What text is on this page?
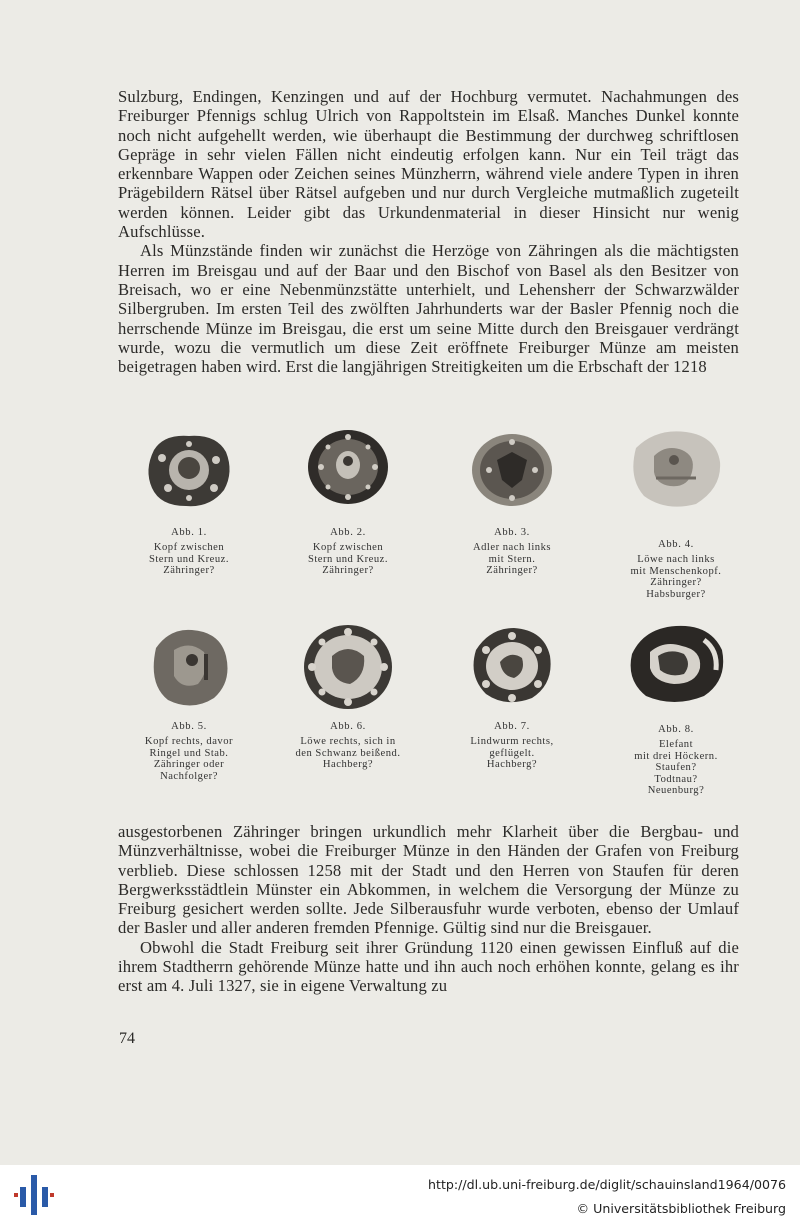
Sulzburg, Endingen, Kenzingen und auf der Hochburg vermutet. Nachahmungen des Freiburger Pfennigs schlug Ulrich von Rappoltstein im Elsaß. Manches Dunkel konnte noch nicht aufgehellt werden, wie überhaupt die Bestimmung der durchweg schriftlosen Gepräge in sehr vielen Fällen nicht eindeutig erfolgen kann. Nur ein Teil trägt das erkennbare Wappen oder Zeichen seines Münzherrn, während viele andere Typen in ihren Prägebildern Rätsel über Rätsel aufgeben und nur durch Vergleiche mutmaßlich zugeteilt werden können. Leider gibt das Urkundenmaterial in dieser Hinsicht nur wenig Aufschlüsse.

Als Münzstände finden wir zunächst die Herzöge von Zähringen als die mächtigsten Herren im Breisgau und auf der Baar und den Bischof von Basel als den Besitzer von Breisach, wo er eine Nebenmünzstätte unterhielt, und Lehensherr der Schwarzwälder Silbergruben. Im ersten Teil des zwölften Jahrhunderts war der Basler Pfennig noch die herrschende Münze im Breisgau, die erst um seine Mitte durch den Breisgauer verdrängt wurde, wozu die vermutlich um diese Zeit eröffnete Freiburger Münze am meisten beigetragen haben wird. Erst die langjährigen Streitigkeiten um die Erbschaft der 1218

Abb. 1.
Kopf zwischen
Stern und Kreuz.
Zähringer?
Abb. 2.
Kopf zwischen
Stern und Kreuz.
Zähringer?
Abb. 3.
Adler nach links
mit Stern.
Zähringer?
Abb. 4.
Löwe nach links
mit Menschenkopf.
Zähringer?
Habsburger?
Abb. 5.
Kopf rechts, davor
Ringel und Stab.
Zähringer oder
Nachfolger?
Abb. 6.
Löwe rechts, sich in
den Schwanz beißend.
Hachberg?
Abb. 7.
Lindwurm rechts,
geflügelt.
Hachberg?
Abb. 8.
Elefant
mit drei Höckern.
Staufen?
Todtnau?
Neuenburg?

ausgestorbenen Zähringer bringen urkundlich mehr Klarheit über die Bergbau- und Münzverhältnisse, wobei die Freiburger Münze in den Händen der Grafen von Freiburg verblieb. Diese schlossen 1258 mit der Stadt und den Herren von Staufen für deren Bergwerksstädtlein Münster ein Abkommen, in welchem die Versorgung der Münze zu Freiburg gesichert werden sollte. Jede Silberausfuhr wurde verboten, ebenso der Umlauf der Basler und aller anderen fremden Pfennige. Gültig sind nur die Breisgauer.

Obwohl die Stadt Freiburg seit ihrer Gründung 1120 einen gewissen Einfluß auf die ihrem Stadtherrn gehörende Münze hatte und ihn auch noch erhöhen konnte, gelang es ihr erst am 4. Juli 1327, sie in eigene Verwaltung zu

74
http://dl.ub.uni-freiburg.de/diglit/schauinsland1964/0076
© Universitätsbibliothek Freiburg
